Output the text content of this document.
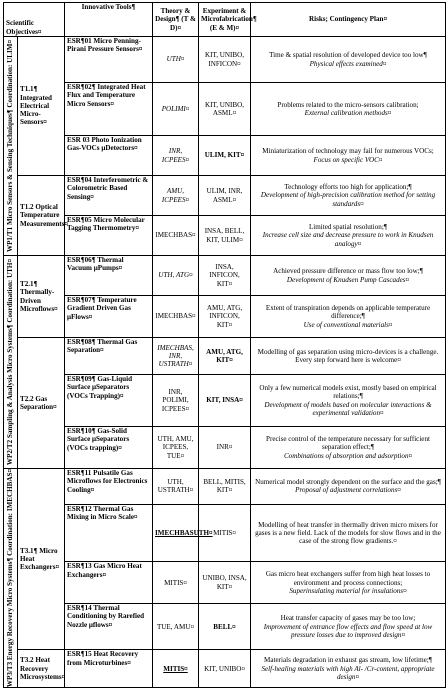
Scientific Objectives¤		Innovative Tools¶	Theory & Design¶ (T & D)¤	Experiment & Microfabrication¶ (E & M)¤	Risks; Contingency Plan¤

WP1/T1 Micro Sensors & Sensing Techniques¶ Coordination: ULIM¤	T1.1¶ Integrated Electrical Micro-Sensors¤	ESR¶01 Micro Penning-Pirani Pressure Sensors¤	UTH¤	KIT, UNIBO, INFICON¤	Time & spatial resolution of developed device too low¶
Physical effects examined¤

		ESR¶02¶ Integrated Heat Flux and Temperature Micro Sensors¤	POLIMI¤	KIT, UNIBO, ASML¤	Problems related to the micro-sensors calibration;
External calibration methods¤

		ESR 03 Photo Ionization Gas-VOCs μDetectors¤	INR, ICPEES¤	ULIM, KIT¤	Miniaturization of technology may fail for numerous VOCs;
Focus on specific VOC¤

	T1.2 Optical Temperature Measurements¤	ESR¶04 Interferometric & Colorometric Based Sensing¤	AMU, ICPEES¤	ULIM, INR, ASML¤	Technology efforts too high for application;¶
Development of high-precision calibration method for setting standards¤

		ESR¶05 Micro Molecular Tagging Thermometry¤	IMECHBAS¤	INSA, BELL, KIT, ULIM¤	Limited spatial resolution;¶
Increase cell size and decrease pressure to work in Knudsen analogy¤

WP2/T2 Sampling & Analysis Micro Systems¶ Coordination: UTH¤	T2.1¶ Thermally-Driven Microflows¤	ESR¶06¶ Thermal Vacuum μPumps¤	UTH, ATG¤	INSA, INFICON, KIT¤	Achieved pressure difference or mass flow too low;¶
Development of Knudsen Pump Cascades¤

		ESR¶07¶ Temperature Gradient Driven Gas μFlows¤	IMECHBAS¤	AMU, ATG, INFICON, KIT¤	Extent of transpiration depends on applicable temperature difference;¶
Use of conventional materials¤

	T2.2 Gas Separation¤	ESR¶08¶ Thermal Gas Separation¤	IMECHBAS, INR, USTRATH¤	AMU, ATG, KIT¤	Modelling of gas separation using micro-devices is a challenge. Every step forward here is welcome¤

		ESR¶09¶ Gas-Liquid Surface μSeparators (VOCs Trapping)¤	INR, POLIMI, ICPEES¤	KIT, INSA¤	Only a few numerical models exist, mostly based on empirical relations;¶
Development of models based on molecular interactions & experimental validation¤

		ESR¶10¶ Gas-Solid Surface μSeparators (VOCs trapping)¤	UTH, AMU, ICPEES, TUE¤	INR¤	Precise control of the temperature necessary for sufficient separation effect;¶
Combinations of absorption and adsorption¤

WP3/T3 Energy Recovery Micro Systems¶ Coordination: IMECHBAS¤	T3.1¶ Micro Heat Exchangers¤	ESR¶11 Pulsatile Gas Microflows for Electronics Cooling¤	UTH, USTRATH¤	BELL, MITIS, KIT¤	Numerical model strongly dependent on the surface and the gas;¶
Proposal of adjustment correlations¤

		ESR¶12 Thermal Gas Mixing in Micro Scale¤	IMECHBASUTH¤	MITIS¤	Modelling of heat transfer in thermally driven micro mixers for gases is a new field. Lack of the models for slow flows and in the case of the strong flow gradients.¤

		ESR¶13 Gas Micro Heat Exchangers¤	MITIS¤	UNIBO, INSA, KIT¤	Gas micro heat exchangers suffer from high heat losses to environment and process connections;
Superinsulating material for insulations¤

		ESR¶14 Thermal Conditioning by Rarefied Nozzle μflows¤	TUE, AMU¤	BELL¤	Heat transfer capacity of gases may be too low;
Improvement of entrance flow effects and flow speed at low pressure losses due to improved design¤

	T3.2 Heat Recovery Microsystems¤	ESR¶15 Heat Recovery from Microturbines¤	MITIS¤	KIT, UNIBO¤	Materials degradation in exhaust gas stream, low lifetime;¶
Self-healing materials with high Al- /Cr-content, appropriate design¤
